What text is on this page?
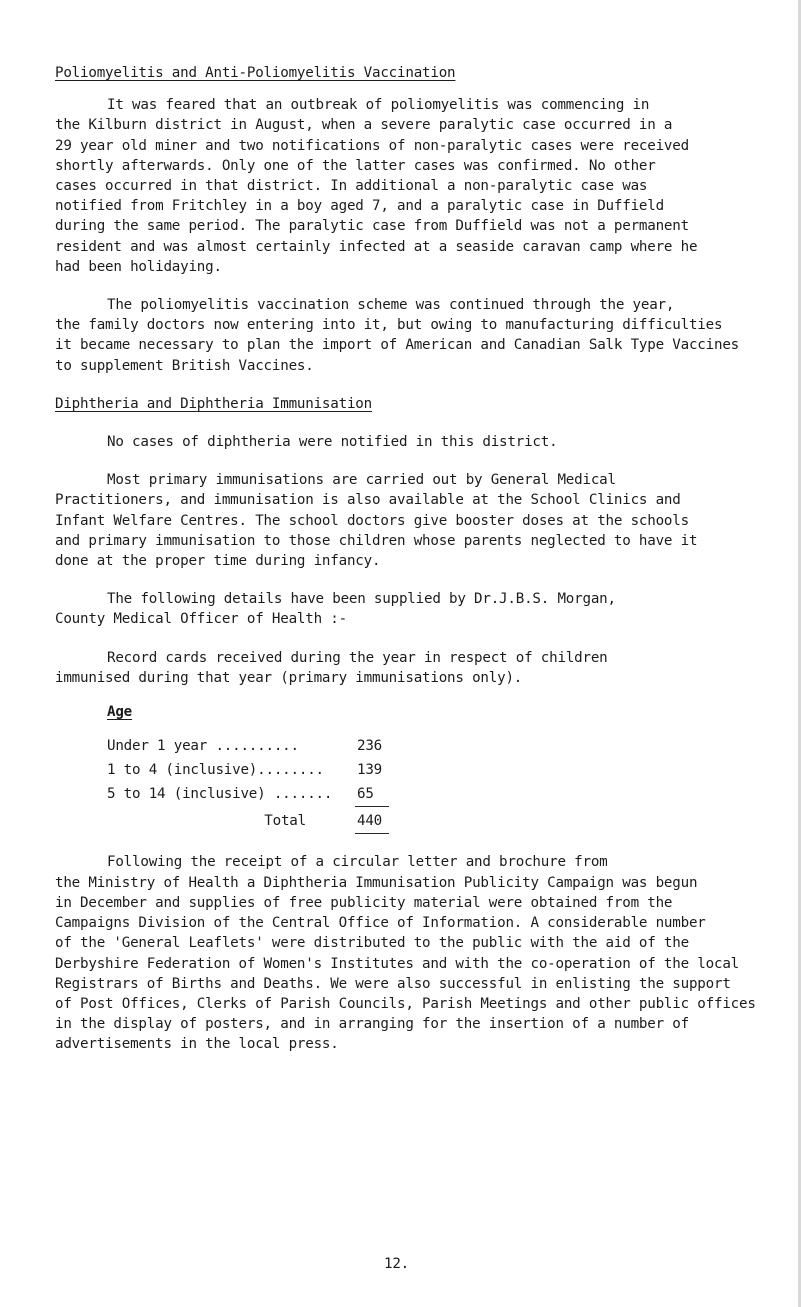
Poliomyelitis and Anti-Poliomyelitis Vaccination

It was feared that an outbreak of poliomyelitis was commencing in
the Kilburn district in August, when a severe paralytic case occurred in a
29 year old miner and two notifications of non-paralytic cases were received
shortly afterwards. Only one of the latter cases was confirmed. No other
cases occurred in that district. In additional a non-paralytic case was
notified from Fritchley in a boy aged 7, and a paralytic case in Duffield
during the same period. The paralytic case from Duffield was not a permanent
resident and was almost certainly infected at a seaside caravan camp where he
had been holidaying.

The poliomyelitis vaccination scheme was continued through the year,
the family doctors now entering into it, but owing to manufacturing difficulties
it became necessary to plan the import of American and Canadian Salk Type Vaccines
to supplement British Vaccines.

Diphtheria and Diphtheria Immunisation

No cases of diphtheria were notified in this district.

Most primary immunisations are carried out by General Medical
Practitioners, and immunisation is also available at the School Clinics and
Infant Welfare Centres. The school doctors give booster doses at the schools
and primary immunisation to those children whose parents neglected to have it
done at the proper time during infancy.

The following details have been supplied by Dr.J.B.S. Morgan,
County Medical Officer of Health :-

Record cards received during the year in respect of children
immunised during that year (primary immunisations only).

Age
Under 1 year ..........	236
1 to 4 (inclusive)........	139
5 to 14 (inclusive) .......	65
Total	440

Following the receipt of a circular letter and brochure from
the Ministry of Health a Diphtheria Immunisation Publicity Campaign was begun
in December and supplies of free publicity material were obtained from the
Campaigns Division of the Central Office of Information. A considerable number
of the 'General Leaflets' were distributed to the public with the aid of the
Derbyshire Federation of Women's Institutes and with the co-operation of the local
Registrars of Births and Deaths. We were also successful in enlisting the support
of Post Offices, Clerks of Parish Councils, Parish Meetings and other public offices
in the display of posters, and in arranging for the insertion of a number of
advertisements in the local press.

12.
